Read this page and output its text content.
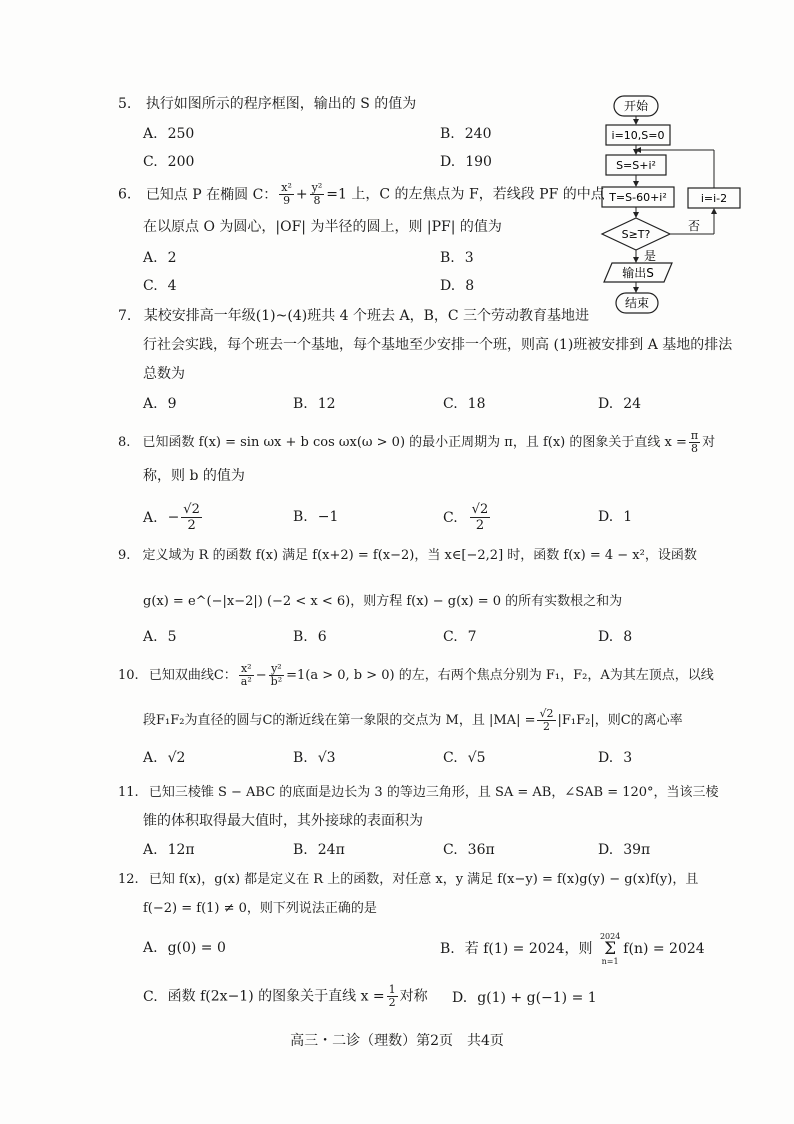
5. 执行如图所示的程序框图，输出的 S 的值为
A. 250	B. 240
C. 200	D. 190
开始
i=10,S=0
S=S+i²
T=S-60+i²
S≥T?
否
i=i-2
是
输出S
结束
6. 已知点 P 在椭圆 C： $\frac{\text{x²}}{9} + \frac{\text{y²}}{8} =1$ 上，C 的左焦点为 F，若线段 PF 的中点
在以原点 O 为圆心，|OF| 为半径的圆上，则 |PF| 的值为
A. 2	B. 3
C. 4	D. 8
7. 某校安排高一年级(1)~(4)班共 4 个班去 A，B，C 三个劳动教育基地进
行社会实践，每个班去一个基地，每个基地至少安排一个班，则高 (1)班被安排到 A 基地的排法
总数为
A. 9	B. 12	C. 18	D. 24
8. 已知函数 f(x) = sin ωx + b cos ωx(ω > 0) 的最小正周期为 π，且 f(x) 的图象关于直线 $x = \frac{\pi}{8}$ 对
称，则 b 的值为
A. − $\frac{√2}{2}$	B. −1	C. $\frac{√2}{2}$	D. 1
9. 定义域为 R 的函数 f(x) 满足 f(x+2) = f(x−2)，当 x∈[−2,2] 时，函数 f(x) = 4 − x²，设函数
g(x) = e^(−|x−2|) (−2 < x < 6)，则方程 f(x) − g(x) = 0 的所有实数根之和为
A. 5	B. 6	C. 7	D. 8
10. 已知双曲线C： $\frac{\text{x²}}{\text{a²}} - \frac{\text{y²}}{\text{b²}} =1(a > 0$, b > 0) 的左，右两个焦点分别为 F₁，F₂，A为其左顶点，以线
段F₁F₂为直径的圆与C的渐近线在第一象限的交点为 M，且 $|MA| = \frac{√2}{2} |F_1F_2|$，则C的离心率
A. √2	B. √3	C. √5	D. 3
11. 已知三棱锥 S − ABC 的底面是边长为 3 的等边三角形，且 SA = AB，∠SAB = 120°，当该三棱
锥的体积取得最大值时，其外接球的表面积为
A. 12π	B. 24π	C. 36π	D. 39π
12. 已知 f(x)，g(x) 都是定义在 R 上的函数，对任意 x，y 满足 f(x−y) = f(x)g(y) − g(x)f(y)，且
f(−2) = f(1) ≠ 0，则下列说法正确的是
A. g(0) = 0	B. 若 f(1) = 2024，则
2024
Σ
n=1
f(n) = 2024
C. 函数 f(2x−1) 的图象关于直线 $x = \frac{1}{2}$ 对称 D. g(1) + g(−1) = 1
高三・二诊（理数）第2页　共4页
